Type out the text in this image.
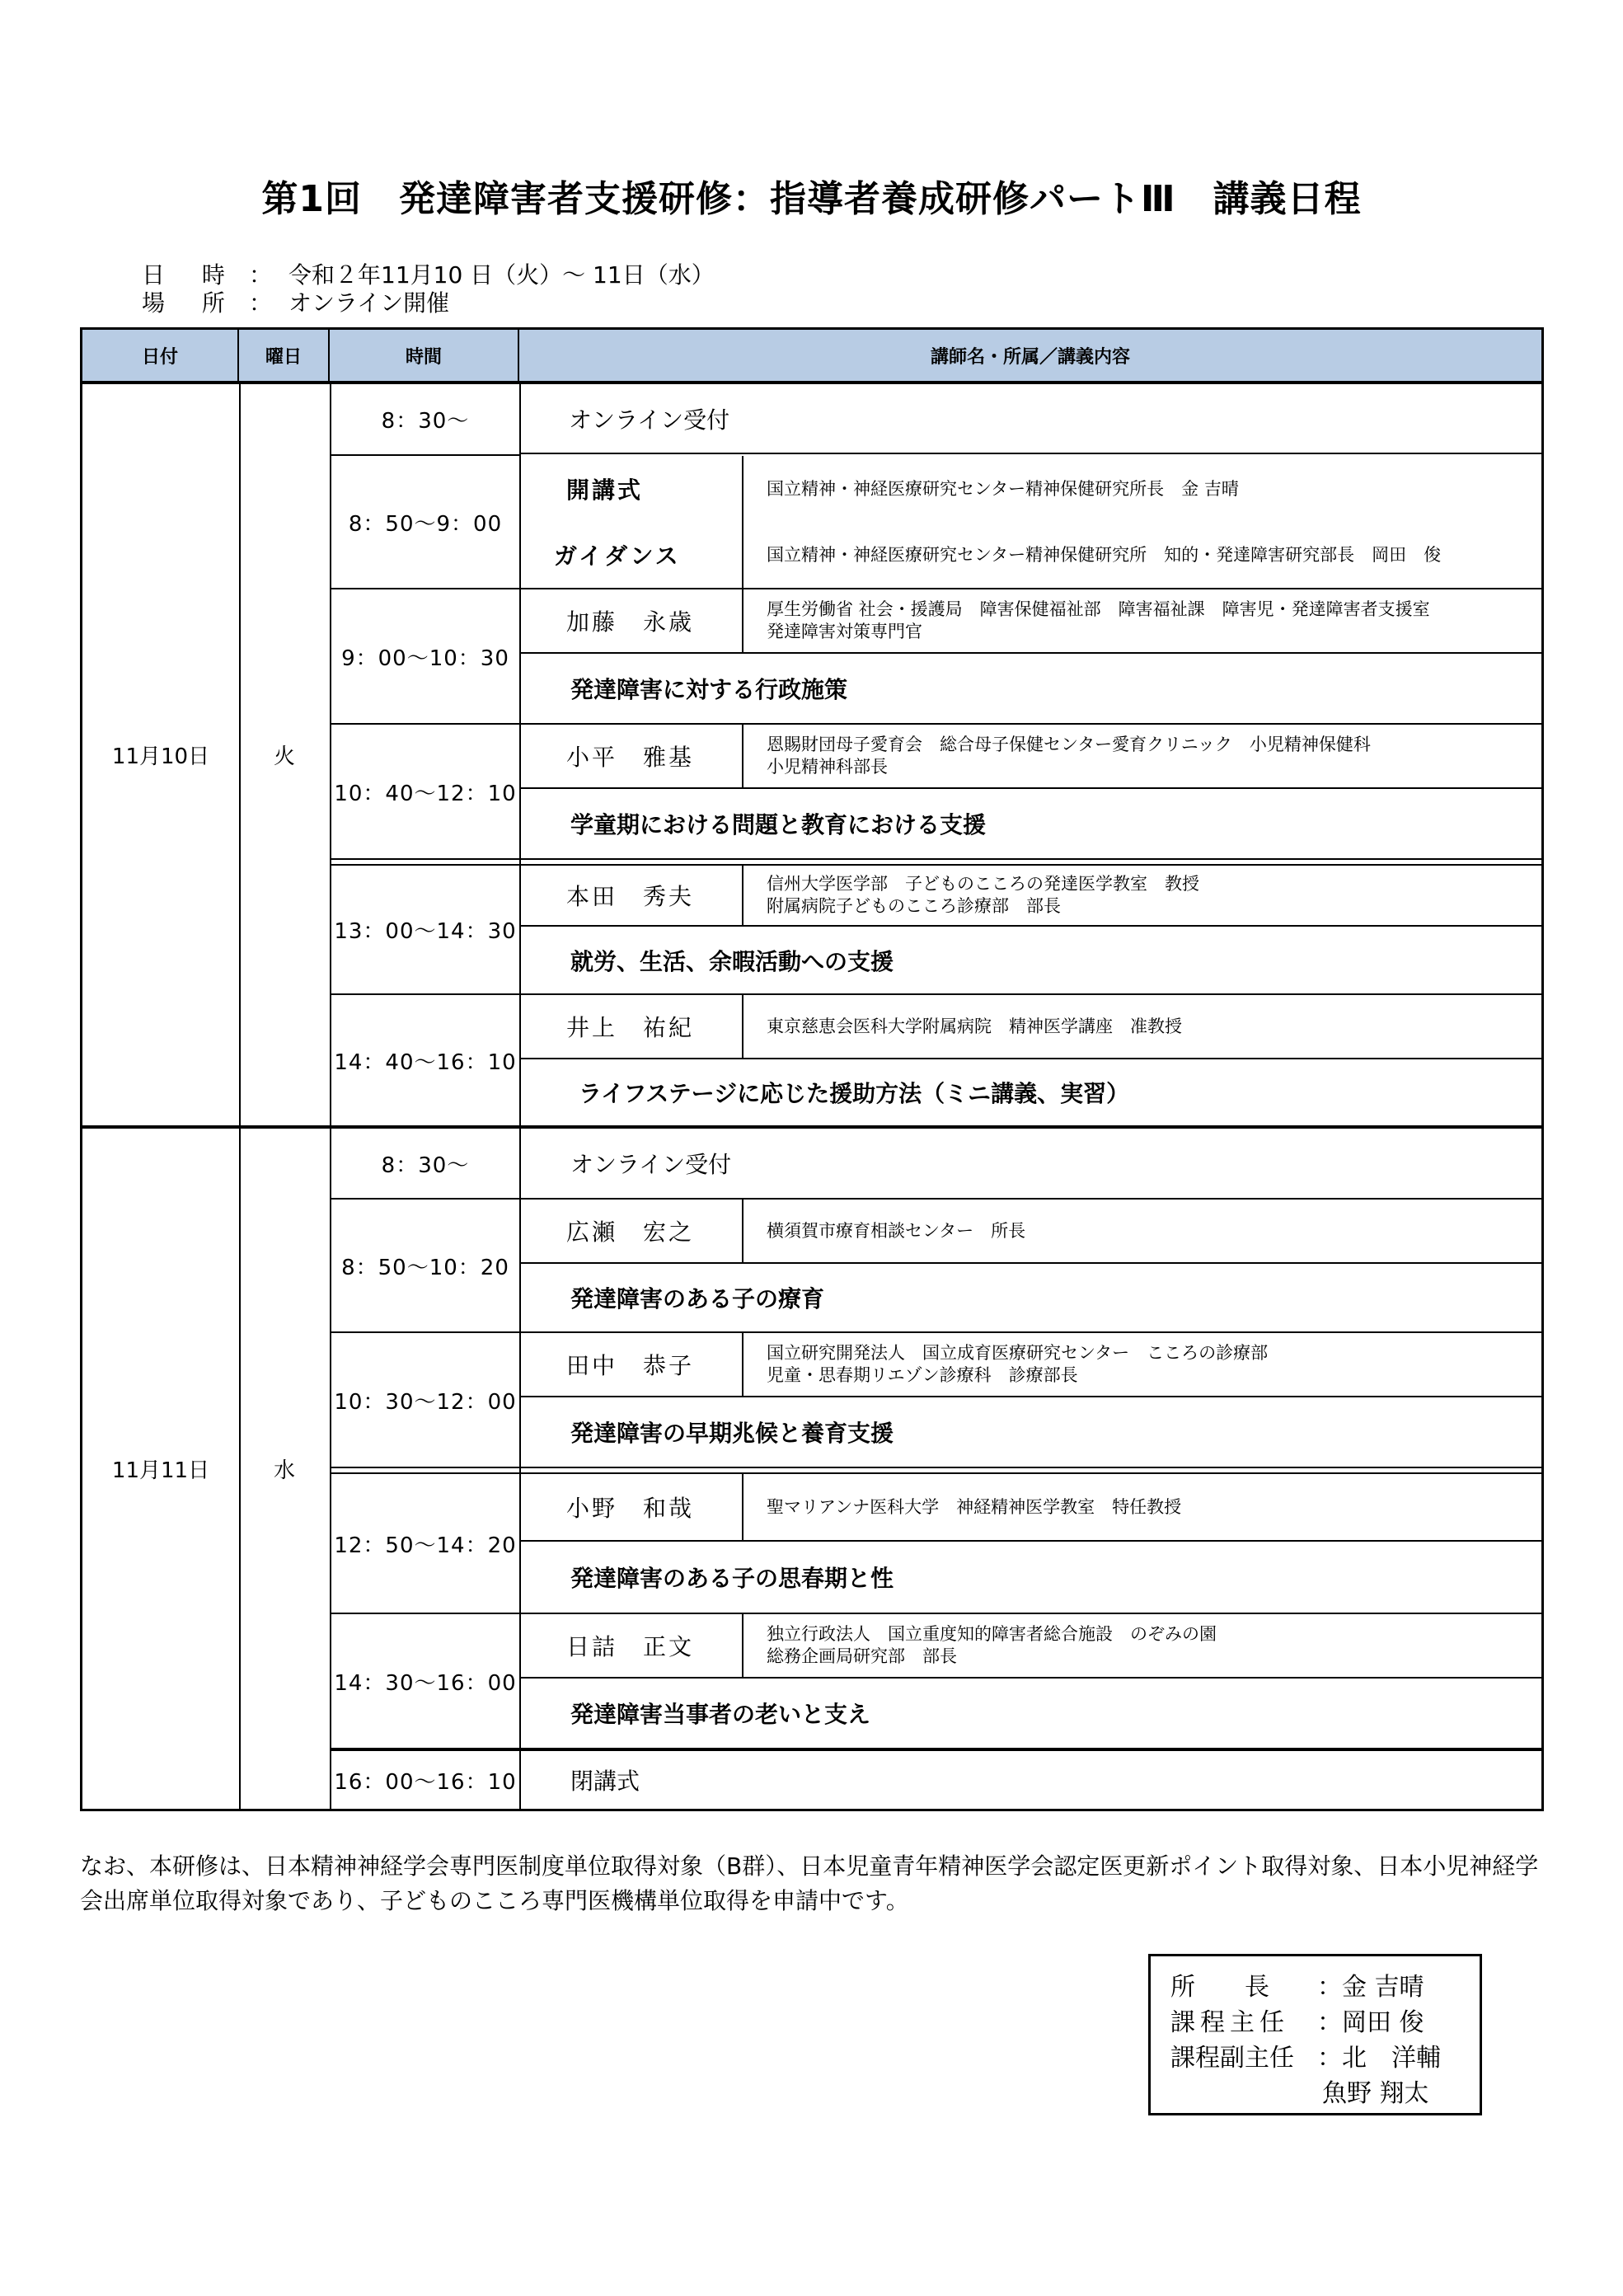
第1回　発達障害者支援研修：指導者養成研修パートⅢ　講義日程
日 時 ： 令和２年11月10 日（火）～ 11日（水）
場 所 ： オンライン開催
日付	曜日	時間	講師名・所属／講義内容
11月10日	火
8：30～	オンライン受付
8：50～9：00
開講式	国立精神・神経医療研究センター精神保健研究所長　金 吉晴
ガイダンス	国立精神・神経医療研究センター精神保健研究所　知的・発達障害研究部長　岡田　俊
9：00～10：30
加藤　永歳	厚生労働省 社会・援護局　障害保健福祉部　障害福祉課　障害児・発達障害者支援室
発達障害対策専門官
発達障害に対する行政施策
10：40～12：10
小平　雅基	恩賜財団母子愛育会　総合母子保健センター愛育クリニック　小児精神保健科
小児精神科部長
学童期における問題と教育における支援
13：00～14：30
本田　秀夫	信州大学医学部　子どものこころの発達医学教室　教授
附属病院子どものこころ診療部　部長
就労、生活、余暇活動への支援
14：40～16：10
井上　祐紀	東京慈恵会医科大学附属病院　精神医学講座　准教授
ライフステージに応じた援助方法（ミニ講義、実習）
11月11日	水
8：30～	オンライン受付
8：50～10：20
広瀬　宏之	横須賀市療育相談センター　所長
発達障害のある子の療育
10：30～12：00
田中　恭子	国立研究開発法人　国立成育医療研究センター　こころの診療部
児童・思春期リエゾン診療科　診療部長
発達障害の早期兆候と養育支援
12：50～14：20
小野　和哉	聖マリアンナ医科大学　神経精神医学教室　特任教授
発達障害のある子の思春期と性
14：30～16：00
日詰　正文	独立行政法人　国立重度知的障害者総合施設　のぞみの園
総務企画局研究部　部長
発達障害当事者の老いと支え
16：00～16：10	閉講式
なお、本研修は、日本精神神経学会専門医制度単位取得対象（B群）、日本児童青年精神医学会認定医更新ポイント取得対象、日本小児神経学会出席単位取得対象であり、子どものこころ専門医機構単位取得を申請中です。
所　　長	：金 吉晴
課程主任	：岡田 俊
課程副主任 ：北　洋輔
魚野 翔太
